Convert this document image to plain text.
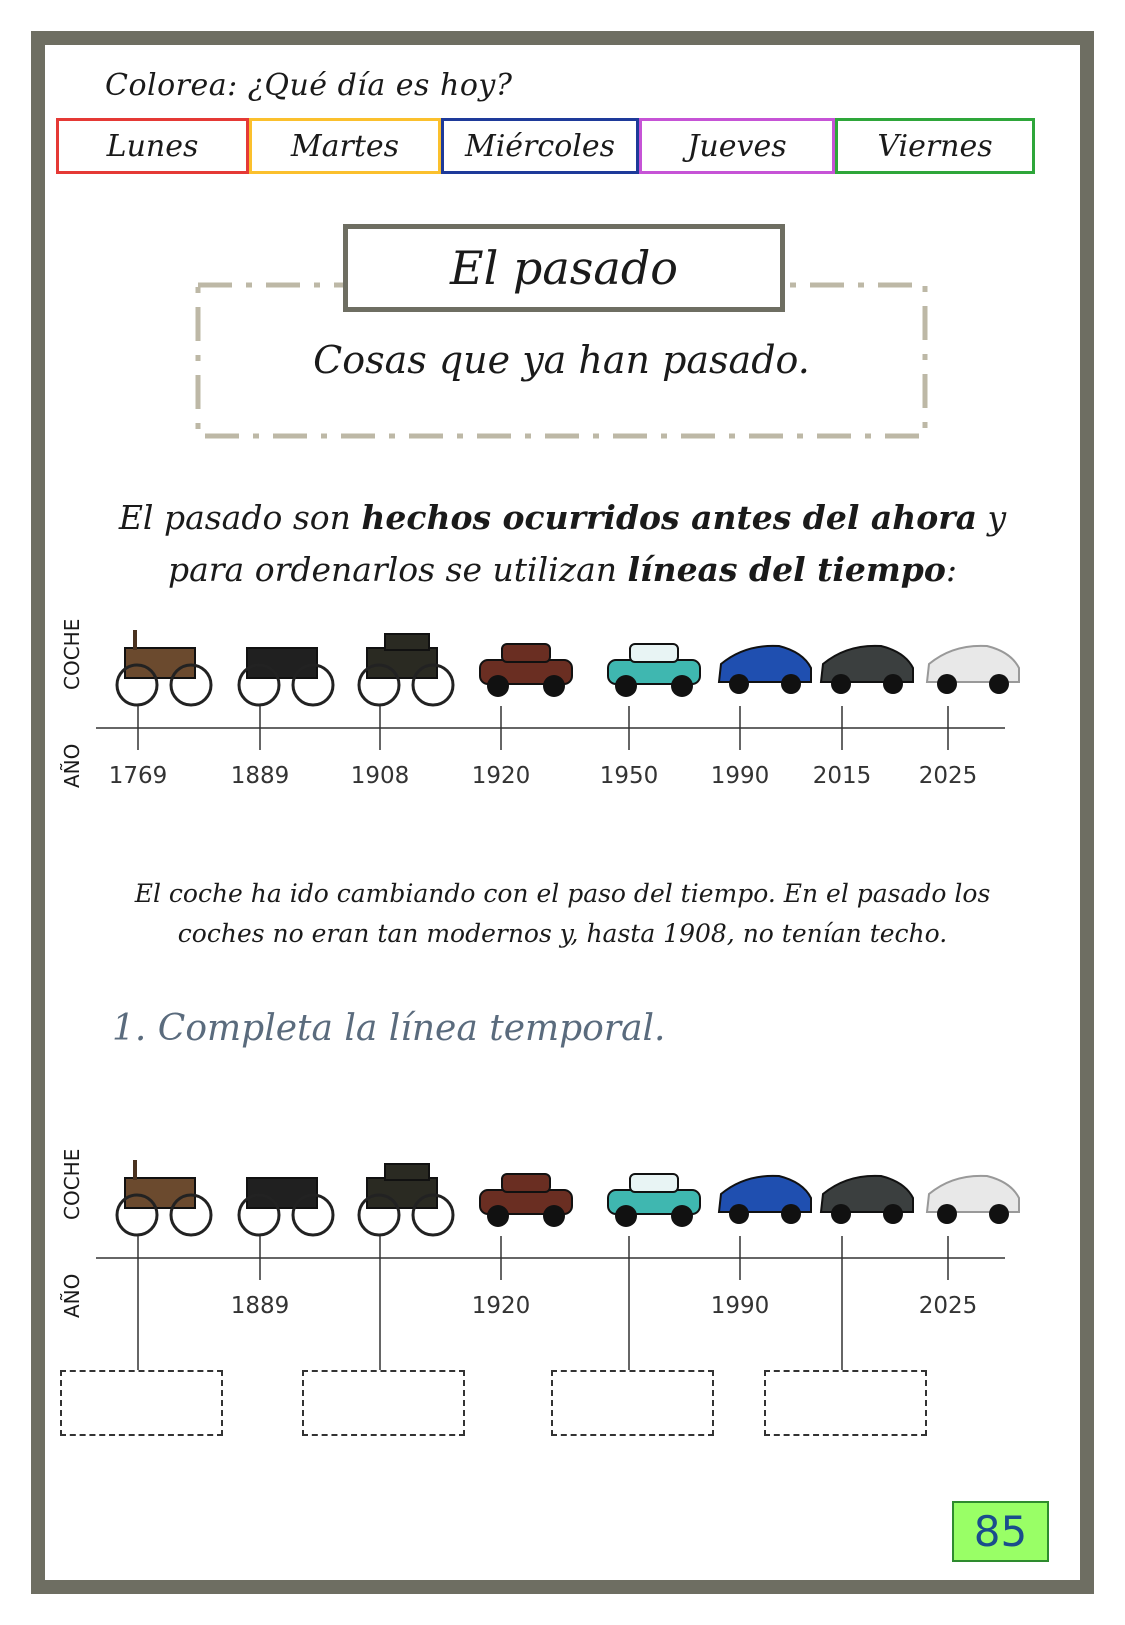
Colorea: ¿Qué día es hoy?
Lunes	Martes Miércoles Jueves	Viernes
El pasado
Cosas que ya han pasado.
El pasado son hechos ocurridos antes del ahora y para ordenarlos se utilizan líneas del tiempo:
COCHE
AÑO 1769	1889	1908	1920	1950 1990 2015 2025
El coche ha ido cambiando con el paso del tiempo. En el pasado los
coches no eran tan modernos y, hasta 1908, no tenían techo.
1. Completa la línea temporal.
COCHE
AÑO	1889	1920	1990	2025
85
